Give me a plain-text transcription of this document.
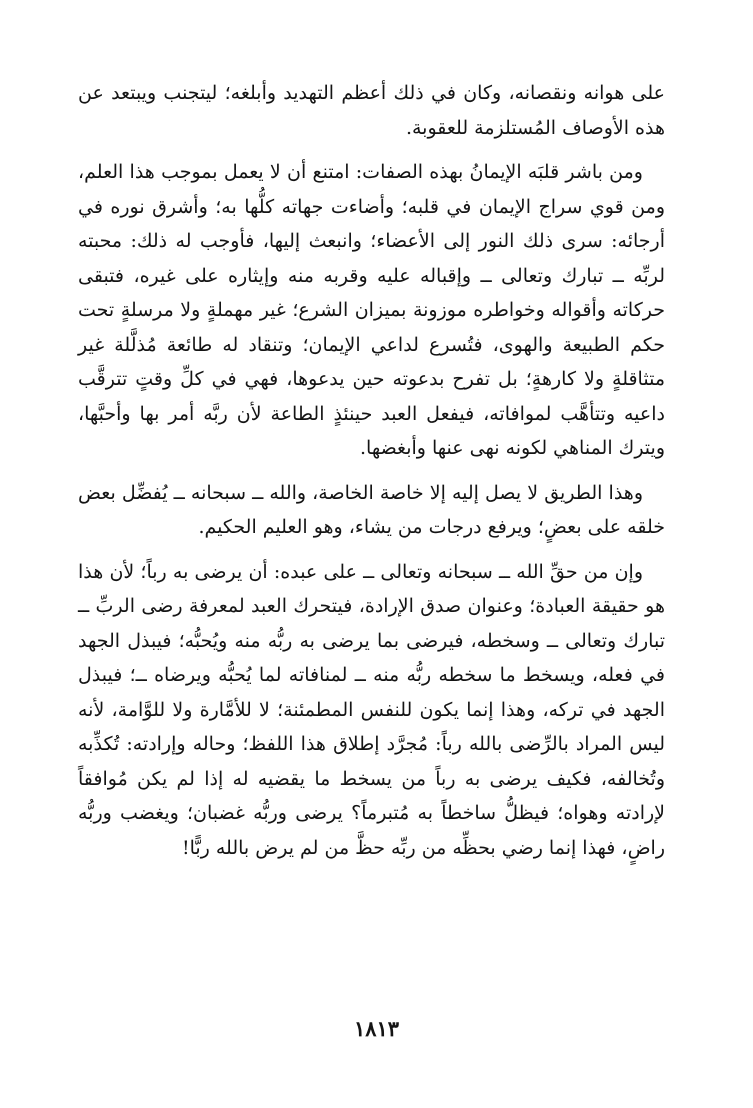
على هوانه ونقصانه، وكان في ذلك أعظم التهديد وأبلغه؛ ليتجنب ويبتعد عن هذه الأوصاف المُستلزمة للعقوبة.

ومن باشر قلبَه الإيمانُ بهذه الصفات: امتنع أن لا يعمل بموجب هذا العلم، ومن قوي سراج الإيمان في قلبه؛ وأضاءت جهاته كلُّها به؛ وأشرق نوره في أرجائه: سرى ذلك النور إلى الأعضاء؛ وانبعث إليها، فأوجب له ذلك: محبته لربِّه ــ تبارك وتعالى ــ وإقباله عليه وقربه منه وإيثاره على غيره، فتبقى حركاته وأقواله وخواطره موزونة بميزان الشرع؛ غير مهملةٍ ولا مرسلةٍ تحت حكم الطبيعة والهوى، فتُسرع لداعي الإيمان؛ وتنقاد له طائعة مُذلَّلة غير متثاقلةٍ ولا كارهةٍ؛ بل تفرح بدعوته حين يدعوها، فهي في كلِّ وقتٍ تترقَّب داعيه وتتأهَّب لموافاته، فيفعل العبد حينئذٍ الطاعة لأن ربَّه أمر بها وأحبَّها، ويترك المناهي لكونه نهى عنها وأبغضها.

وهذا الطريق لا يصل إليه إلا خاصة الخاصة، والله ــ سبحانه ــ يُفضِّل بعض خلقه على بعضٍ؛ ويرفع درجات من يشاء، وهو العليم الحكيم.

وإن من حقِّ الله ــ سبحانه وتعالى ــ على عبده: أن يرضى به رباً؛ لأن هذا هو حقيقة العبادة؛ وعنوان صدق الإرادة، فيتحرك العبد لمعرفة رضى الربِّ ــ تبارك وتعالى ــ وسخطه، فيرضى بما يرضى به ربُّه منه ويُحبُّه؛ فيبذل الجهد في فعله، ويسخط ما سخطه ربُّه منه ــ لمنافاته لما يُحبُّه ويرضاه ــ؛ فيبذل الجهد في تركه، وهذا إنما يكون للنفس المطمئنة؛ لا للأمَّارة ولا للوَّامة، لأنه ليس المراد بالرِّضى بالله رباً: مُجرَّد إطلاق هذا اللفظ؛ وحاله وإرادته: تُكذِّبه وتُخالفه، فكيف يرضى به رباً من يسخط ما يقضيه له إذا لم يكن مُوافقاً لإرادته وهواه؛ فيظلُّ ساخطاً به مُتبرماً؟ يرضى وربُّه غضبان؛ ويغضب وربُّه راضٍ، فهذا إنما رضي بحظِّه من ربِّه حظَّ من لم يرض بالله ربًّا!

١٨١٣
